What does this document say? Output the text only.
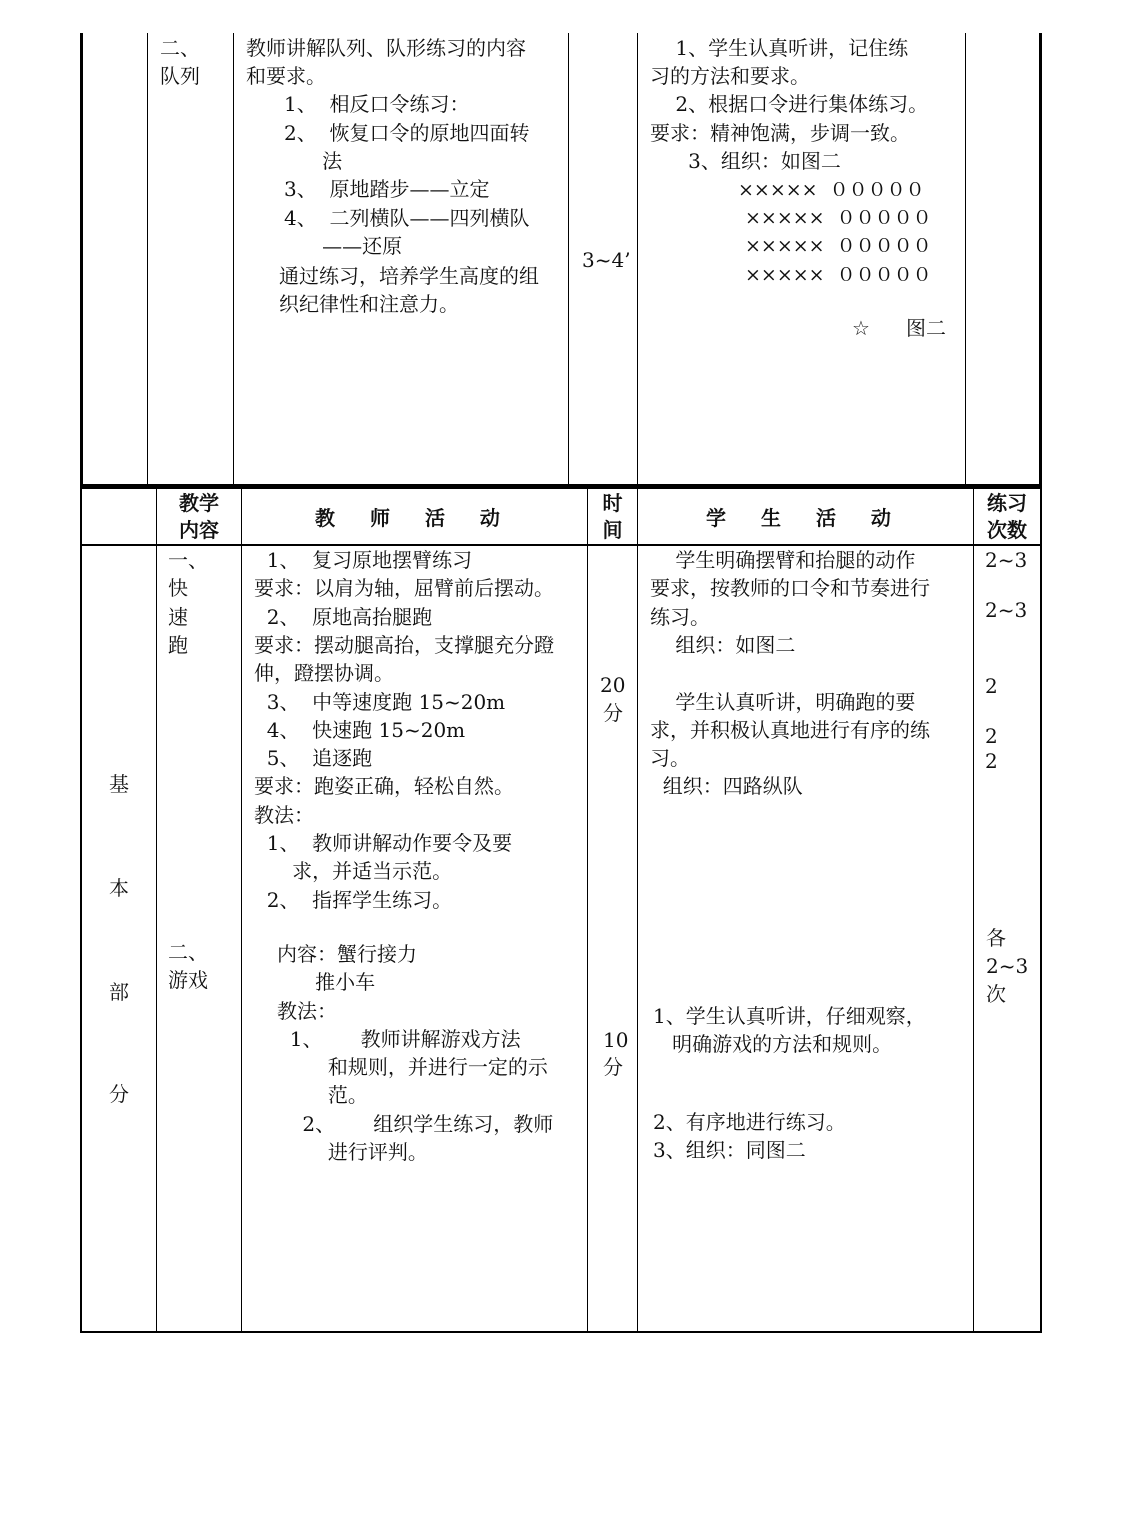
二、
队列
教师讲解队列、队形练习的内容
和要求。
1、  相反口令练习：
2、  恢复口令的原地四面转
法
3、  原地踏步——立定
4、  二列横队——四列横队
——还原
通过练习，培养学生高度的组
织纪律性和注意力。
3~4’
1、学生认真听讲，记住练
习的方法和要求。
2、根据口令进行集体练习。
要求：精神饱满，步调一致。
3、组织：如图二
×××××  ０００００
×××××  ０００００
×××××  ０００００
×××××  ０００００
☆ 图二
教学
内容	教 师 活 动
时
间	学 生 活 动
练习
次数
基
本
部
分
一、
快
速
跑
二、
游戏
1、  复习原地摆臂练习
要求：以肩为轴，屈臂前后摆动。
2、  原地高抬腿跑
要求：摆动腿高抬，支撑腿充分蹬
伸，蹬摆协调。
3、  中等速度跑 15~20m
4、  快速跑 15~20m
5、  追逐跑
要求：跑姿正确，轻松自然。
教法：
1、  教师讲解动作要令及要
求，并适当示范。
2、  指挥学生练习。
内容：蟹行接力
推小车
教法：
1、      教师讲解游戏方法
和规则，并进行一定的示
范。
2、      组织学生练习，教师
进行评判。
20
分
10
分
学生明确摆臂和抬腿的动作
要求，按教师的口令和节奏进行
练习。
组织：如图二
学生认真听讲，明确跑的要
求，并积极认真地进行有序的练
习。
组织：四路纵队
1、学生认真听讲，仔细观察，
明确游戏的方法和规则。
2、有序地进行练习。
3、组织：同图二
2~3
2~3
2
2
2
各
2~3
次
